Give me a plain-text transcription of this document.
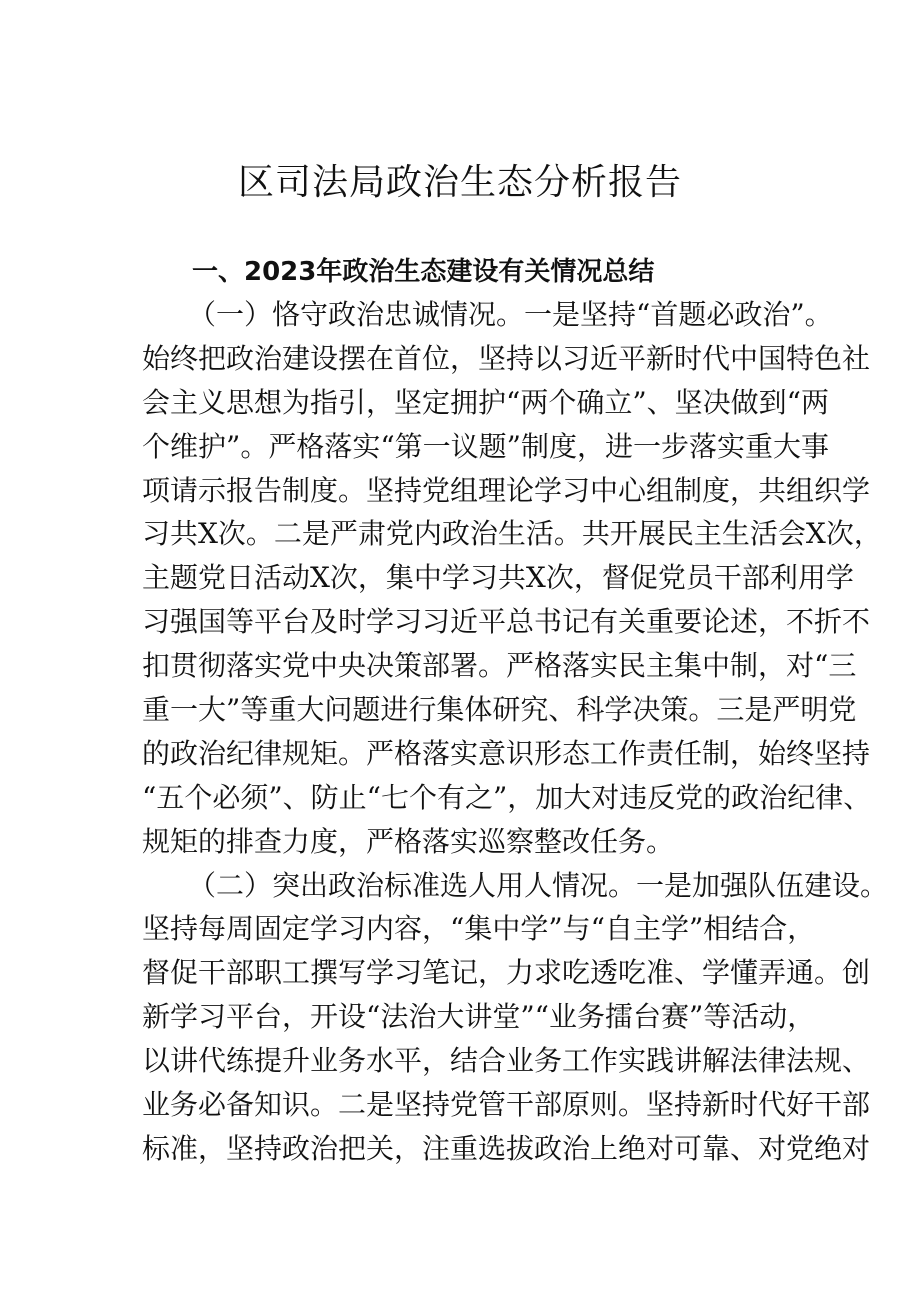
区司法局政治生态分析报告
一、2023年政治生态建设有关情况总结
（一）恪守政治忠诚情况。一是坚持“首题必政治”。
始终把政治建设摆在首位，坚持以习近平新时代中国特色社
会主义思想为指引，坚定拥护“两个确立”、坚决做到“两
个维护”。严格落实“第一议题”制度，进一步落实重大事
项请示报告制度。坚持党组理论学习中心组制度，共组织学
习共X次。二是严肃党内政治生活。共开展民主生活会X次，
主题党日活动X次，集中学习共X次，督促党员干部利用学
习强国等平台及时学习习近平总书记有关重要论述，不折不
扣贯彻落实党中央决策部署。严格落实民主集中制，对“三
重一大”等重大问题进行集体研究、科学决策。三是严明党
的政治纪律规矩。严格落实意识形态工作责任制，始终坚持
“五个必须”、防止“七个有之”，加大对违反党的政治纪律、
规矩的排查力度，严格落实巡察整改任务。
（二）突出政治标准选人用人情况。一是加强队伍建设。
坚持每周固定学习内容，“集中学”与“自主学”相结合，
督促干部职工撰写学习笔记，力求吃透吃准、学懂弄通。创
新学习平台，开设“法治大讲堂”“业务擂台赛”等活动，
以讲代练提升业务水平，结合业务工作实践讲解法律法规、
业务必备知识。二是坚持党管干部原则。坚持新时代好干部
标准，坚持政治把关，注重选拔政治上绝对可靠、对党绝对
